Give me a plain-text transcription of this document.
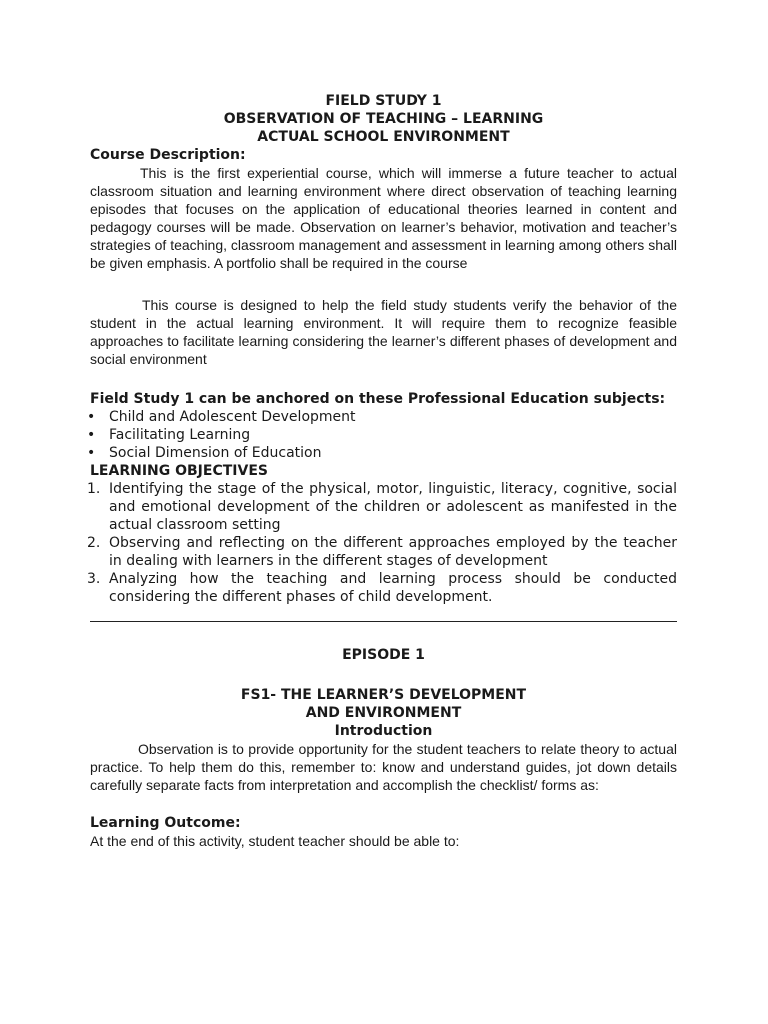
FIELD STUDY 1

OBSERVATION OF TEACHING – LEARNING

ACTUAL SCHOOL ENVIRONMENT

Course Description:

This is the first experiential course, which will immerse a future teacher to actual classroom situation and learning environment where direct observation of teaching learning episodes that focuses on the application of educational theories learned in content and pedagogy courses will be made. Observation on learner’s behavior, motivation and teacher’s strategies of teaching, classroom management and assessment in learning among others shall be given emphasis. A portfolio shall be required in the course

This course is designed to help the field study students verify the behavior of the student in the actual learning environment. It will require them to recognize feasible approaches to facilitate learning considering the learner’s different phases of development and social environment

Field Study 1 can be anchored on these Professional Education subjects:

• Child and Adolescent Development
• Facilitating Learning
• Social Dimension of Education

LEARNING OBJECTIVES

1. Identifying the stage of the physical, motor, linguistic, literacy, cognitive, social and emotional development of the children or adolescent as manifested in the actual classroom setting
2. Observing and reflecting on the different approaches employed by the teacher in dealing with learners in the different stages of development
3. Analyzing how the teaching and learning process should be conducted considering the different phases of child development.

EPISODE 1

FS1- THE LEARNER’S DEVELOPMENT

AND ENVIRONMENT

Introduction

Observation is to provide opportunity for the student teachers to relate theory to actual practice. To help them do this, remember to: know and understand guides, jot down details carefully separate facts from interpretation and accomplish the checklist/ forms as:

Learning Outcome:

At the end of this activity, student teacher should be able to:
